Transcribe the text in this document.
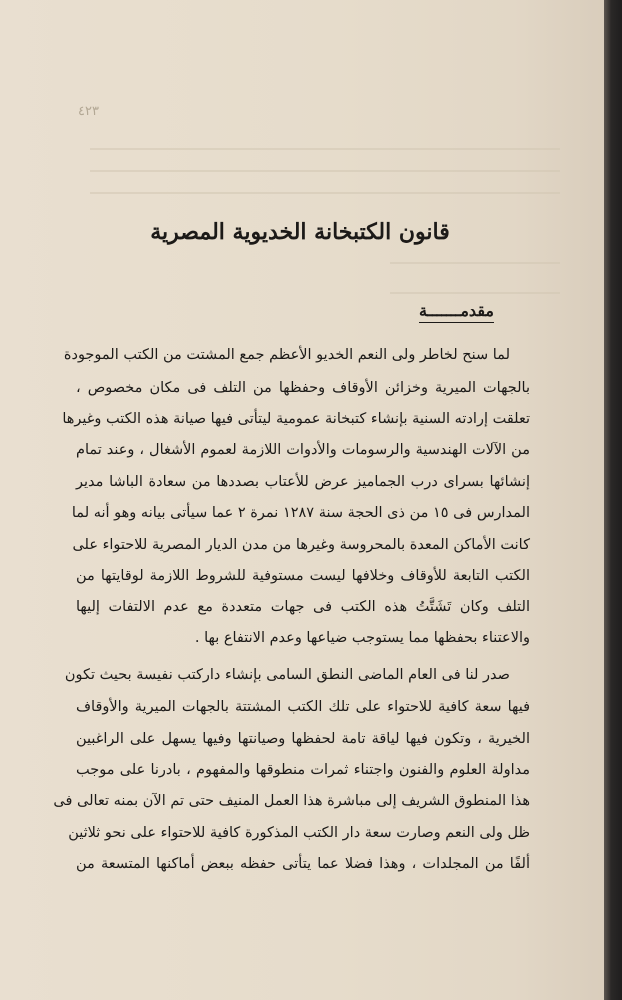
٤٢٣
قانون الكتبخانة الخديوية المصرية
مقدمـــــــة

لما سنح لخاطر ولى النعم الخديو الأعظم جمع المشتت من الكتب الموجودة

بالجهات الميرية وخزائن الأوقاف وحفظها من التلف فى مكان مخصوص ،

تعلقت إرادته السنية بإنشاء كتبخانة عمومية ليتأتى فيها صيانة هذه الكتب وغيرها

من الآلات الهندسية والرسومات والأدوات اللازمة لعموم الأشغال ، وعند تمام

إنشائها بسراى درب الجماميز عرض للأعتاب بصددها من سعادة الباشا مدير

المدارس فى ١٥ من ذى الحجة سنة ١٢٨٧ نمرة ٢ عما سيأتى بيانه وهو أنه لما

كانت الأماكن المعدة بالمحروسة وغيرها من مدن الديار المصرية للاحتواء على

الكتب التابعة للأوقاف وخلافها ليست مستوفية للشروط اللازمة لوقايتها من

التلف وكان تَشَتَّتُ هذه الكتب فى جهات متعددة مع عدم الالتفات إليها

والاعتناء بحفظها مما يستوجب ضياعها وعدم الانتفاع بها .

صدر لنا فى العام الماضى النطق السامى بإنشاء داركتب نفيسة بحيث تكون

فيها سعة كافية للاحتواء على تلك الكتب المشتتة بالجهات الميرية والأوقاف

الخيرية ، وتكون فيها لياقة تامة لحفظها وصيانتها وفيها يسهل على الراغبين

مداولة العلوم والفنون واجتناء ثمرات منطوقها والمفهوم ، بادرنا على موجب

هذا المنطوق الشريف إلى مباشرة هذا العمل المنيف حتى تم الآن بمنه تعالى فى

ظل ولى النعم وصارت سعة دار الكتب المذكورة كافية للاحتواء على نحو ثلاثين

ألفًا من المجلدات ، وهذا فضلا عما يتأتى حفظه ببعض أماكنها المتسعة من
